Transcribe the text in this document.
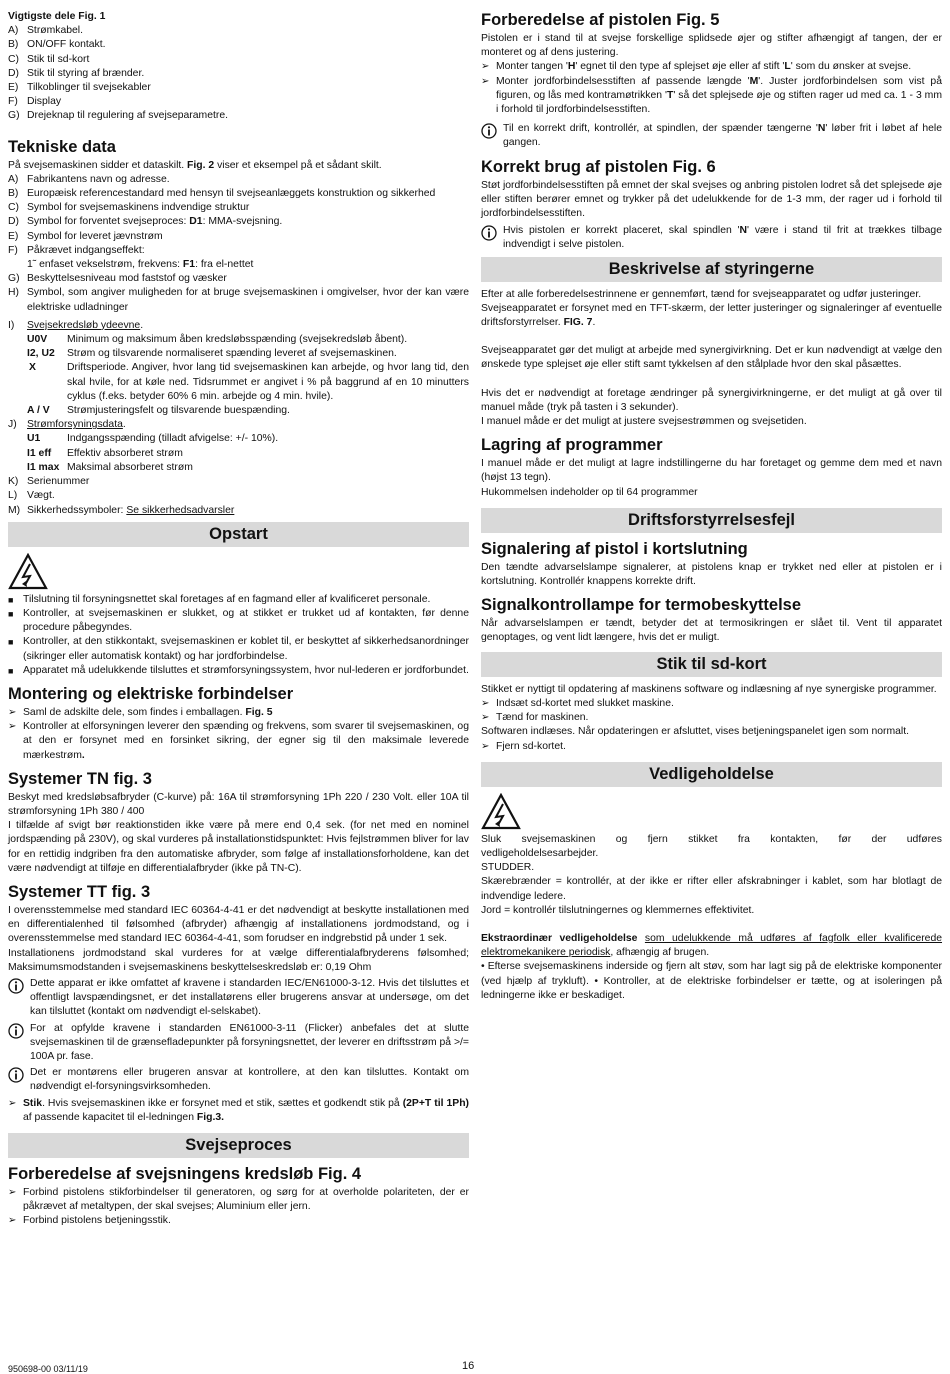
Vigtigste dele Fig. 1
A) Strømkabel.
B) ON/OFF kontakt.
C) Stik til sd-kort
D) Stik til styring af brænder.
E) Tilkoblinger til svejsekabler
F) Display
G) Drejeknap til regulering af svejseparametre.
Tekniske data

På svejsemaskinen sidder et dataskilt. Fig. 2 viser et eksempel på et sådant skilt.

A) Fabrikantens navn og adresse.
B) Europæisk referencestandard med hensyn til svejseanlæggets konstruktion og sikkerhed
C) Symbol for svejsemaskinens indvendige struktur
D) Symbol for forventet svejseproces: D1: MMA-svejsning.
E) Symbol for leveret jævnstrøm
F) Påkrævet indgangseffekt:
1˜ enfaset vekselstrøm, frekvens: F1: fra el-nettet
G) Beskyttelsesniveau mod faststof og væsker
H) Symbol, som angiver muligheden for at bruge svejsemaskinen i omgivelser, hvor der kan være elektriske udladninger
I)	Svejsekredsløb ydeevne.
U0V	Minimum og maksimum åben kredsløbsspænding (svejsekredsløb åbent).
I2, U2	Strøm og tilsvarende normaliseret spænding leveret af svejsemaskinen.
X	Driftsperiode. Angiver, hvor lang tid svejsemaskinen kan arbejde, og hvor lang tid, den skal hvile, for at køle ned. Tidsrummet er angivet i % på baggrund af en 10 minutters cyklus (f.eks. betyder 60% 6 min. arbejde og 4 min. hvile).
A / V	Strømjusteringsfelt og tilsvarende buespænding.
J) Strømforsyningsdata.
U1	Indgangsspænding (tilladt afvigelse: +/- 10%).
I1 eff	Effektiv absorberet strøm
I1 max Maksimal absorberet strøm
K) Serienummer
L) Vægt.
M) Sikkerhedssymboler: Se sikkerhedsadvarsler
Opstart
■ Tilslutning til forsyningsnettet skal foretages af en fagmand eller af kvalificeret personale.
■ Kontroller, at svejsemaskinen er slukket, og at stikket er trukket ud af kontakten, før denne procedure påbegyndes.
■ Kontroller, at den stikkontakt, svejsemaskinen er koblet til, er beskyttet af sikkerhedsanordninger (sikringer eller automatisk kontakt) og har jordforbindelse.
■ Apparatet må udelukkende tilsluttes et strømforsyningssystem, hvor nul-lederen er jordforbundet.
Montering og elektriske forbindelser
➢ Saml de adskilte dele, som findes i emballagen. Fig. 5
➢ Kontroller at elforsyningen leverer den spænding og frekvens, som svarer til svejsemaskinen, og at den er forsynet med en forsinket sikring, der egner sig til den maksimale leverede mærkestrøm.
Systemer TN fig. 3

Beskyt med kredsløbsafbryder (C-kurve) på: 16A til strømforsyning 1Ph 220 / 230 Volt. eller 10A til strømforsyning 1Ph 380 / 400

I tilfælde af svigt bør reaktionstiden ikke være på mere end 0,4 sek. (for net med en nominel jordspænding på 230V), og skal vurderes på installationstidspunktet: Hvis fejlstrømmen bliver for lav for en rettidig indgriben fra den automatiske afbryder, som følge af installationsforholdene, kan det være nødvendigt at tilføje en differentialafbryder (ikke på TN-C).

Systemer TT fig. 3

I overensstemmelse med standard IEC 60364-4-41 er det nødvendigt at beskytte installationen med en differentialenhed til følsomhed (afbryder) afhængig af installationens jordmodstand, og i overensstemmelse med standard IEC 60364-4-41, som forudser en indgrebstid på under 1 sek.

Installationens jordmodstand skal vurderes for at vælge differentialafbryderens følsomhed; Maksimumsmodstanden i svejsemaskinens beskyttelseskredsløb er: 0,19 Ohm

Dette apparat er ikke omfattet af kravene i standarden IEC/EN61000-3-12. Hvis det tilsluttes et offentligt lavspændingsnet, er det installatørens eller brugerens ansvar at undersøge, om det kan tilsluttet (kontakt om nødvendigt el-selskabet).
For at opfylde kravene i standarden EN61000-3-11 (Flicker) anbefales det at slutte svejsemaskinen til de grænsefladepunkter på forsyningsnettet, der leverer en driftsstrøm på >/= 100A pr. fase.
Det er montørens eller brugeren ansvar at kontrollere, at den kan tilsluttes. Kontakt om nødvendigt el-forsyningsvirksomheden.
➢ Stik. Hvis svejsemaskinen ikke er forsynet med et stik, sættes et godkendt stik på (2P+T til 1Ph) af passende kapacitet til el-ledningen Fig.3.
Svejseproces
Forberedelse af svejsningens kredsløb Fig. 4
➢ Forbind pistolens stikforbindelser til generatoren, og sørg for at overholde polariteten, der er påkrævet af metaltypen, der skal svejses; Aluminium eller jern.
➢ Forbind pistolens betjeningsstik.
Forberedelse af pistolen Fig. 5

Pistolen er i stand til at svejse forskellige splidsede øjer og stifter afhængigt af tangen, der er monteret og af dens justering.

➢ Monter tangen 'H' egnet til den type af splejset øje eller af stift 'L' som du ønsker at svejse.
➢ Monter jordforbindelsesstiften af passende længde 'M'. Juster jordforbindelsen som vist på figuren, og lås med kontramøtrikken 'T' så det splejsede øje og stiften rager ud med ca. 1 - 3 mm i forhold til jordforbindelsesstiften.
Til en korrekt drift, kontrollér, at spindlen, der spænder tængerne 'N' løber frit i løbet af hele gangen.
Korrekt brug af pistolen Fig. 6

Støt jordforbindelsesstiften på emnet der skal svejses og anbring pistolen lodret så det splejsede øje eller stiften berører emnet og trykker på det udelukkende for de 1-3 mm, der rager ud i forhold til jordforbindelsesstiften.

Hvis pistolen er korrekt placeret, skal spindlen 'N' være i stand til frit at trækkes tilbage indvendigt i selve pistolen.
Beskrivelse af styringerne

Efter at alle forberedelsestrinnene er gennemført, tænd for svejseapparatet og udfør justeringer.

Svejseapparatet er forsynet med en TFT-skærm, der letter justeringer og signaleringer af eventuelle driftsforstyrrelser. FIG. 7.

Svejseapparatet gør det muligt at arbejde med synergivirkning. Det er kun nødvendigt at vælge den ønskede type splejset øje eller stift samt tykkelsen af den stålplade hvor den skal påsættes.

Hvis det er nødvendigt at foretage ændringer på synergivirkningerne, er det muligt at gå over til manuel måde (tryk på tasten i 3 sekunder).

I manuel måde er det muligt at justere svejsestrømmen og svejsetiden.

Lagring af programmer

I manuel måde er det muligt at lagre indstillingerne du har foretaget og gemme dem med et navn (højst 13 tegn).

Hukommelsen indeholder op til 64 programmer

Driftsforstyrrelsesfejl
Signalering af pistol i kortslutning

Den tændte advarselslampe signalerer, at pistolens knap er trykket ned eller at pistolen er i kortslutning. Kontrollér knappens korrekte drift.

Signalkontrollampe for termobeskyttelse

Når advarselslampen er tændt, betyder det at termosikringen er slået til. Vent til apparatet genoptages, og vent lidt længere, hvis det er muligt.

Stik til sd-kort

Stikket er nyttigt til opdatering af maskinens software og indlæsning af nye synergiske programmer.

➢ Indsæt sd-kortet med slukket maskine.
➢ Tænd for maskinen.

Softwaren indlæses. Når opdateringen er afsluttet, vises betjeningspanelet igen som normalt.

➢ Fjern sd-kortet.
Vedligeholdelse

Sluk svejsemaskinen og fjern stikket fra kontakten, før der udføres vedligeholdelsesarbejder.

STUDDER.

Skærebrænder = kontrollér, at der ikke er rifter eller afskrabninger i kablet, som har blotlagt de indvendige ledere.

Jord = kontrollér tilslutningernes og klemmernes effektivitet.

Ekstraordinær vedligeholdelse som udelukkende må udføres af fagfolk eller kvalificerede elektromekanikere periodisk, afhængig af brugen.

• Efterse svejsemaskinens inderside og fjern alt støv, som har lagt sig på de elektriske komponenter (ved hjælp af trykluft). • Kontroller, at de elektriske forbindelser er tætte, og at isoleringen på ledningerne ikke er beskadiget.

950698-00 03/11/19	16
